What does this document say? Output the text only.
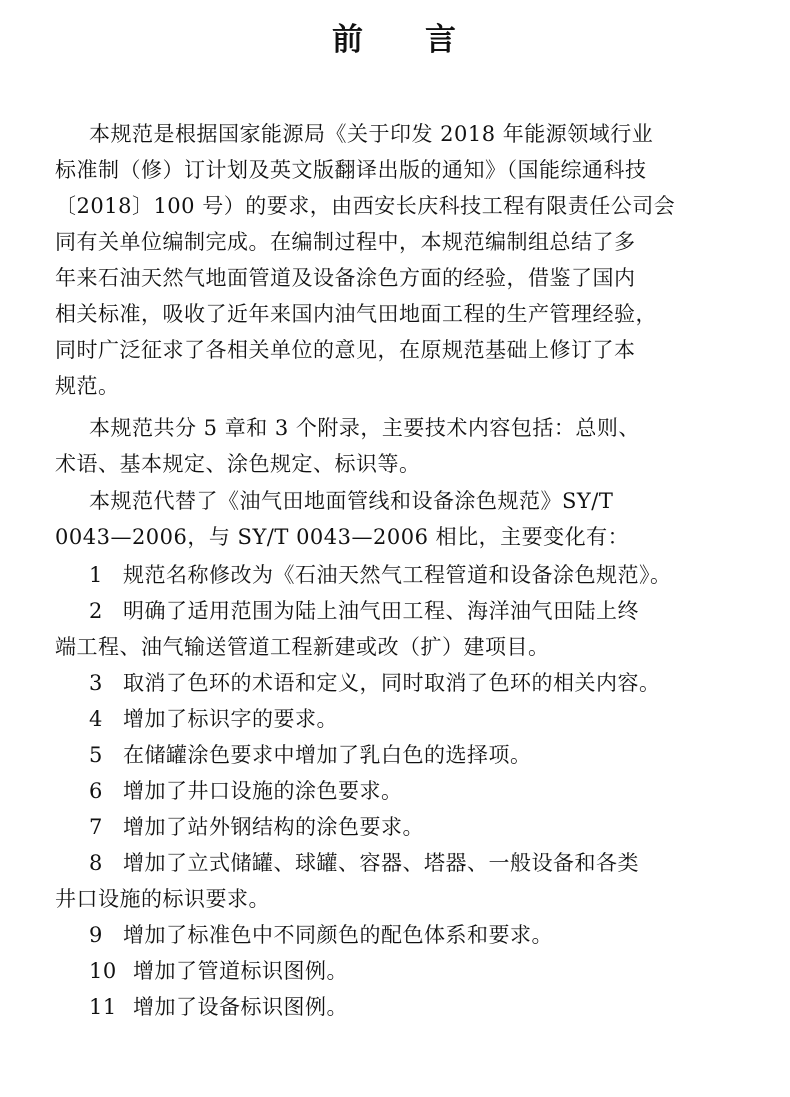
前 言
本规范是根据国家能源局《关于印发 2018 年能源领域行业
标准制（修）订计划及英文版翻译出版的通知》（国能综通科技
〔2018〕100 号）的要求，由西安长庆科技工程有限责任公司会
同有关单位编制完成。在编制过程中，本规范编制组总结了多
年来石油天然气地面管道及设备涂色方面的经验，借鉴了国内
相关标准，吸收了近年来国内油气田地面工程的生产管理经验，
同时广泛征求了各相关单位的意见，在原规范基础上修订了本
规范。
本规范共分 5 章和 3 个附录，主要技术内容包括：总则、
术语、基本规定、涂色规定、标识等。
本规范代替了《油气田地面管线和设备涂色规范》SY/T
0043—2006，与 SY/T 0043—2006 相比，主要变化有：
1 规范名称修改为《石油天然气工程管道和设备涂色规范》。
2 明确了适用范围为陆上油气田工程、海洋油气田陆上终
端工程、油气输送管道工程新建或改（扩）建项目。
3 取消了色环的术语和定义，同时取消了色环的相关内容。
4 增加了标识字的要求。
5 在储罐涂色要求中增加了乳白色的选择项。
6 增加了井口设施的涂色要求。
7 增加了站外钢结构的涂色要求。
8 增加了立式储罐、球罐、容器、塔器、一般设备和各类
井口设施的标识要求。
9 增加了标准色中不同颜色的配色体系和要求。
10 增加了管道标识图例。
11 增加了设备标识图例。
